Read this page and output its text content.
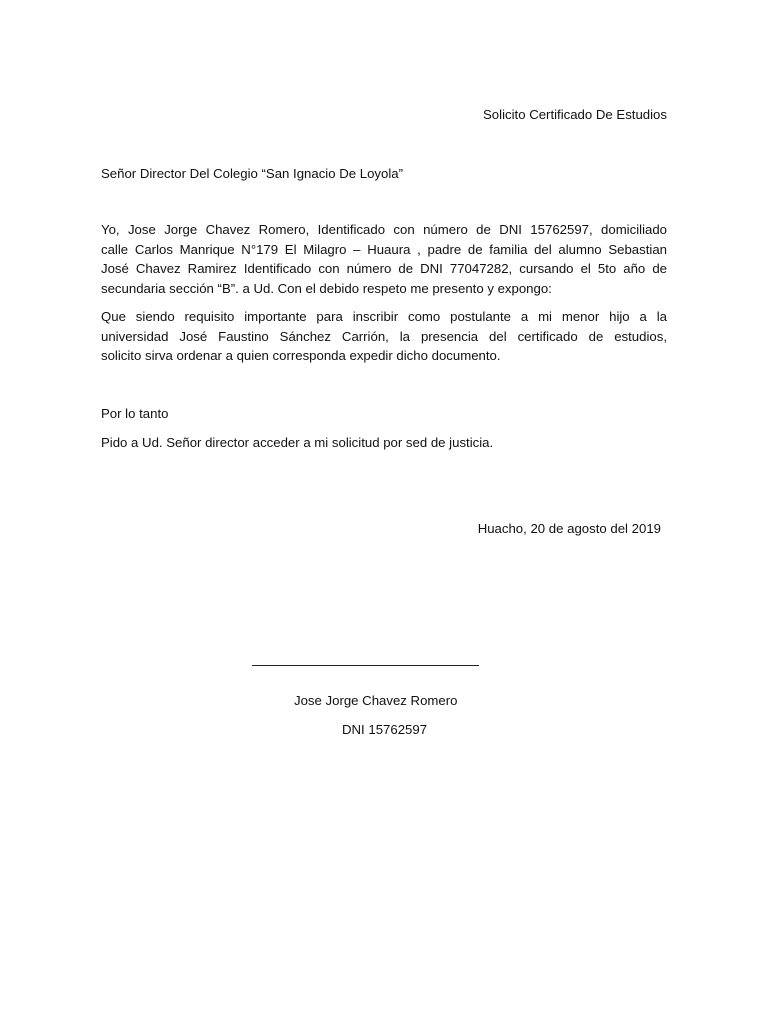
Solicito Certificado De Estudios
Señor Director Del Colegio “San Ignacio De Loyola”
Yo, Jose Jorge Chavez Romero, Identificado con número de DNI 15762597, domiciliado
calle Carlos Manrique N°179 El Milagro – Huaura , padre de familia del alumno Sebastian
José Chavez Ramirez Identificado con número de DNI 77047282, cursando el 5to año de
secundaria sección “B”. a Ud. Con el debido respeto me presento y expongo:
Que siendo requisito importante para inscribir como postulante a mi menor hijo a la
universidad José Faustino Sánchez Carrión, la presencia del certificado de estudios,
solicito sirva ordenar a quien corresponda expedir dicho documento.
Por lo tanto
Pido a Ud. Señor director acceder a mi solicitud por sed de justicia.
Huacho, 20 de agosto del 2019
Jose Jorge Chavez Romero
DNI 15762597
